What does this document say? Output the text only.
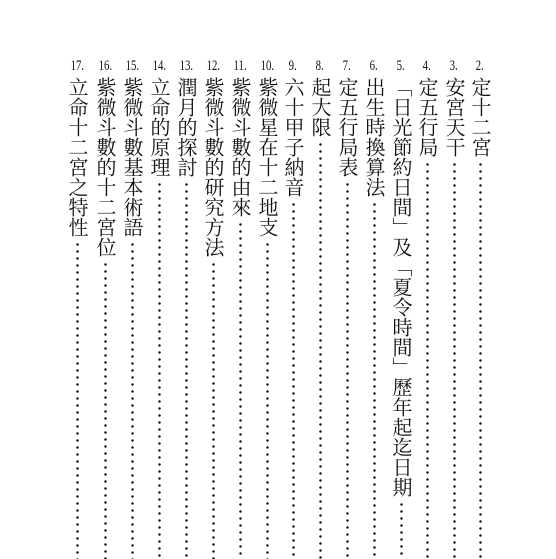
2.
定十二宮
3.
安宮天干
4.
定五行局
5.
「日光節約日間」及「夏令時間」歷年起迄日期
6.
出生時換算法
7.
定五行局表
8.
起大限
9.
六十甲子納音
10.
紫微星在十二地支
11.
紫微斗數的由來
12.
紫微斗數的研究方法
13.
潤月的探討
14.
立命的原理
15.
紫微斗數基本術語
16.
紫微斗數的十二宮位
17.
立命十二宮之特性
